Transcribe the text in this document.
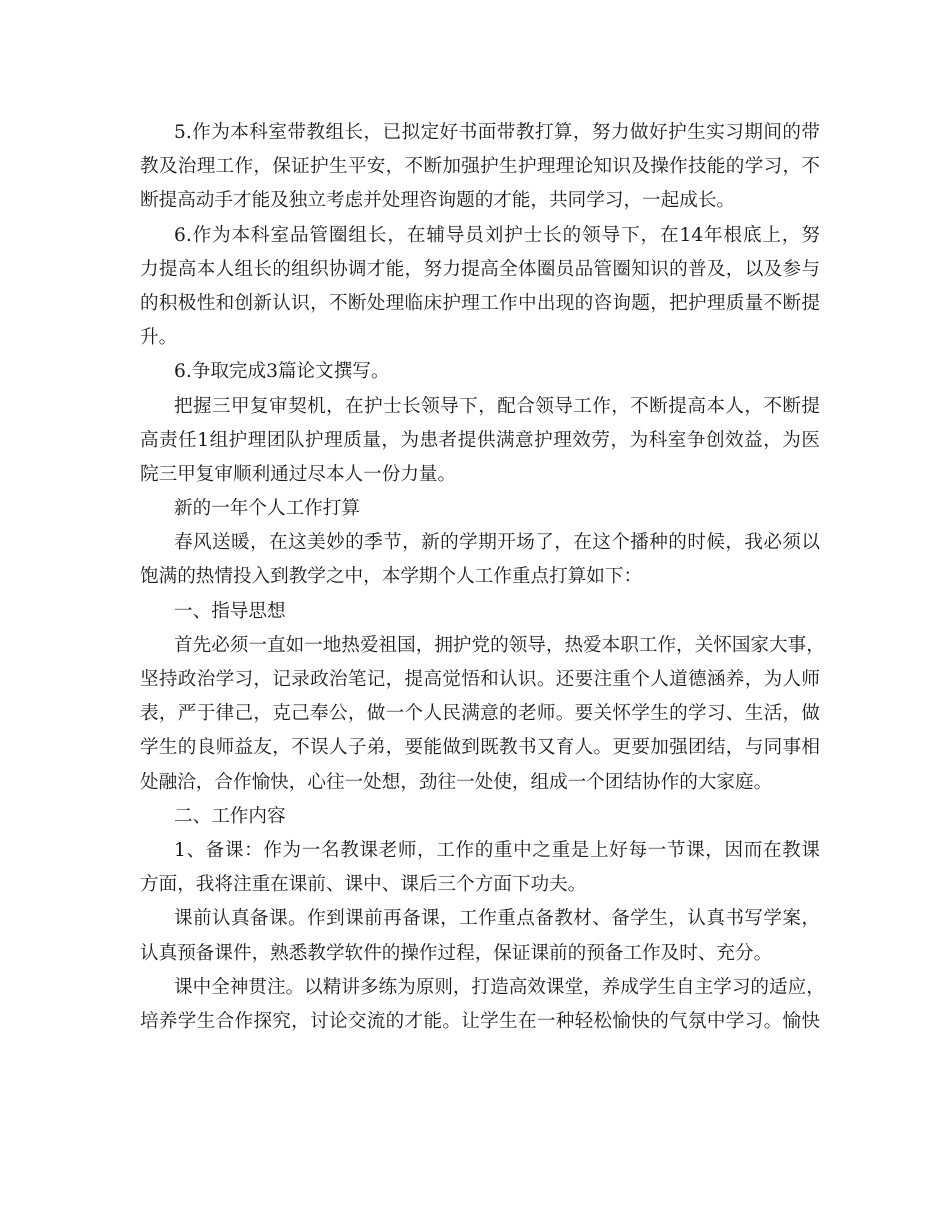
5.作为本科室带教组长，已拟定好书面带教打算，努力做好护生实习期间的带
教及治理工作，保证护生平安，不断加强护生护理理论知识及操作技能的学习，不
断提高动手才能及独立考虑并处理咨询题的才能，共同学习，一起成长。
6.作为本科室品管圈组长，在辅导员刘护士长的领导下，在14年根底上，努
力提高本人组长的组织协调才能，努力提高全体圈员品管圈知识的普及，以及参与
的积极性和创新认识，不断处理临床护理工作中出现的咨询题，把护理质量不断提
升。
6.争取完成3篇论文撰写。
把握三甲复审契机，在护士长领导下，配合领导工作，不断提高本人，不断提
高责任1组护理团队护理质量，为患者提供满意护理效劳，为科室争创效益，为医
院三甲复审顺利通过尽本人一份力量。
新的一年个人工作打算
春风送暖，在这美妙的季节，新的学期开场了，在这个播种的时候，我必须以
饱满的热情投入到教学之中，本学期个人工作重点打算如下：
一、指导思想
首先必须一直如一地热爱祖国，拥护党的领导，热爱本职工作，关怀国家大事，
坚持政治学习，记录政治笔记，提高觉悟和认识。还要注重个人道德涵养，为人师
表，严于律己，克己奉公，做一个人民满意的老师。要关怀学生的学习、生活，做
学生的良师益友，不误人子弟，要能做到既教书又育人。更要加强团结，与同事相
处融洽，合作愉快，心往一处想，劲往一处使，组成一个团结协作的大家庭。
二、工作内容
1、备课：作为一名教课老师，工作的重中之重是上好每一节课，因而在教课
方面，我将注重在课前、课中、课后三个方面下功夫。
课前认真备课。作到课前再备课，工作重点备教材、备学生，认真书写学案，
认真预备课件，熟悉教学软件的操作过程，保证课前的预备工作及时、充分。
课中全神贯注。以精讲多练为原则，打造高效课堂，养成学生自主学习的适应，
培养学生合作探究，讨论交流的才能。让学生在一种轻松愉快的气氛中学习。愉快
